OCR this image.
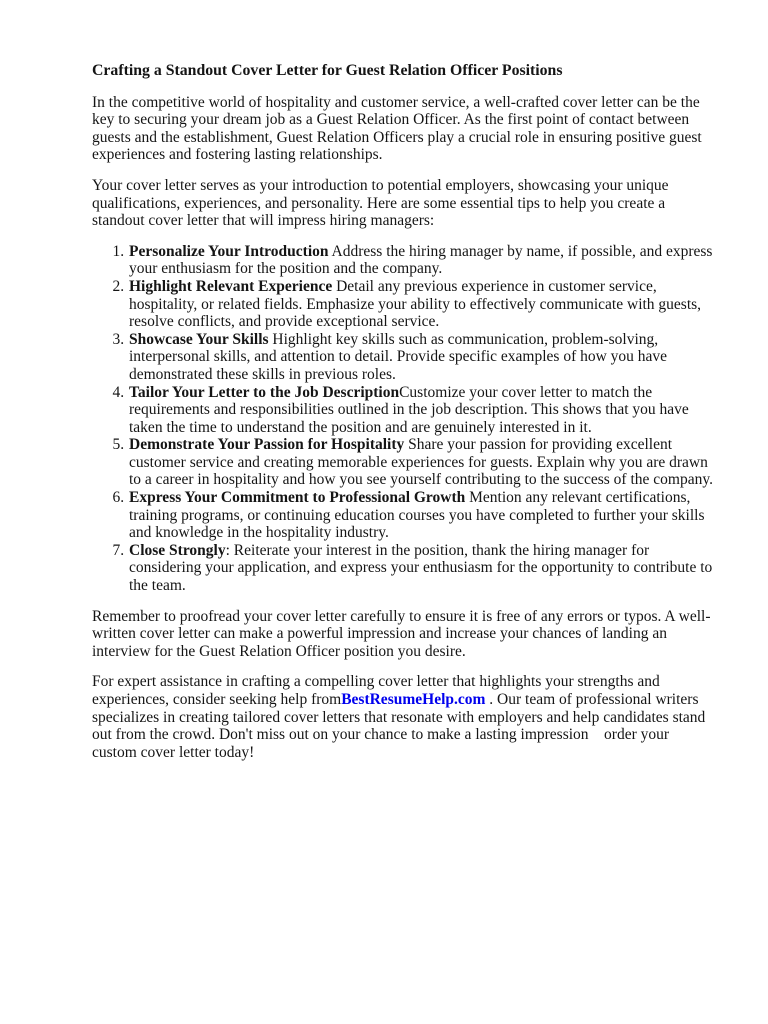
Crafting a Standout Cover Letter for Guest Relation Officer Positions

In the competitive world of hospitality and customer service, a well-crafted cover letter can be the key to securing your dream job as a Guest Relation Officer. As the first point of contact between guests and the establishment, Guest Relation Officers play a crucial role in ensuring positive guest experiences and fostering lasting relationships.

Your cover letter serves as your introduction to potential employers, showcasing your unique qualifications, experiences, and personality. Here are some essential tips to help you create a standout cover letter that will impress hiring managers:

1. Personalize Your Introduction Address the hiring manager by name, if possible, and express your enthusiasm for the position and the company.
2. Highlight Relevant Experience Detail any previous experience in customer service, hospitality, or related fields. Emphasize your ability to effectively communicate with guests, resolve conflicts, and provide exceptional service.
3. Showcase Your Skills Highlight key skills such as communication, problem-solving, interpersonal skills, and attention to detail. Provide specific examples of how you have demonstrated these skills in previous roles.
4. Tailor Your Letter to the Job DescriptionCustomize your cover letter to match the requirements and responsibilities outlined in the job description. This shows that you have taken the time to understand the position and are genuinely interested in it.
5. Demonstrate Your Passion for Hospitality Share your passion for providing excellent customer service and creating memorable experiences for guests. Explain why you are drawn to a career in hospitality and how you see yourself contributing to the success of the company.
6. Express Your Commitment to Professional Growth Mention any relevant certifications, training programs, or continuing education courses you have completed to further your skills and knowledge in the hospitality industry.
7. Close Strongly: Reiterate your interest in the position, thank the hiring manager for considering your application, and express your enthusiasm for the opportunity to contribute to the team.

Remember to proofread your cover letter carefully to ensure it is free of any errors or typos. A well-written cover letter can make a powerful impression and increase your chances of landing an interview for the Guest Relation Officer position you desire.

For expert assistance in crafting a compelling cover letter that highlights your strengths and experiences, consider seeking help fromBestResumeHelp.com . Our team of professional writers specializes in creating tailored cover letters that resonate with employers and help candidates stand out from the crowd. Don't miss out on your chance to make a lasting impression    order your custom cover letter today!
